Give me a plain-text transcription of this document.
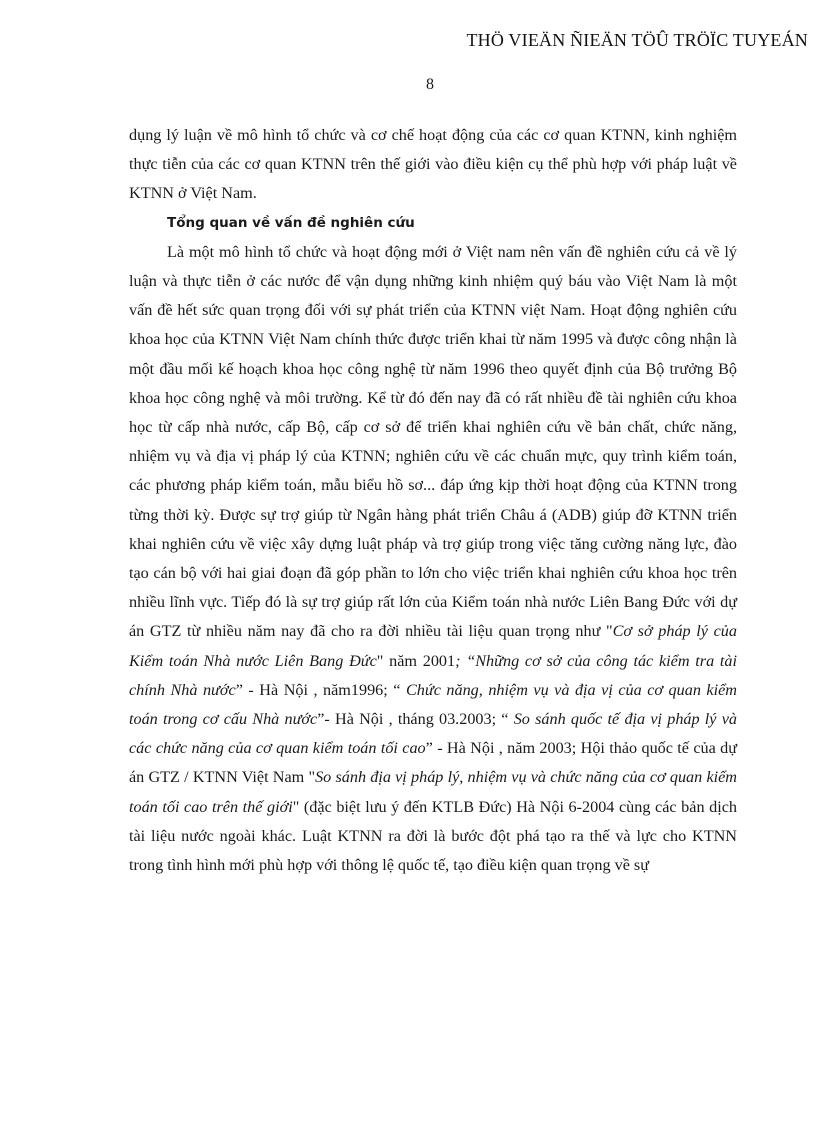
THÖ VIEÄN ÑIEÄN TÖÛ TRÖÏC TUYEÁN
8

dụng lý luận về mô hình tổ chức và cơ chế hoạt động của các cơ quan KTNN, kinh nghiệm thực tiễn của các cơ quan KTNN trên thế giới vào điều kiện cụ thể phù hợp với pháp luật về KTNN ở Việt Nam.

Tổng quan về vấn đề nghiên cứu

Là một mô hình tổ chức và hoạt động mới ở Việt nam nên vấn đề nghiên cứu cả về lý luận và thực tiễn ở các nước để vận dụng những kinh nhiệm quý báu vào Việt Nam là một vấn đề hết sức quan trọng đối với sự phát triển của KTNN việt Nam. Hoạt động nghiên cứu khoa học của KTNN Việt Nam chính thức được triển khai từ năm 1995 và được công nhận là một đầu mối kế hoạch khoa học công nghệ từ năm 1996 theo quyết định của Bộ trưởng Bộ khoa học công nghệ và môi trường. Kể từ đó đến nay đã có rất nhiều đề tài nghiên cứu khoa học từ cấp nhà nước, cấp Bộ, cấp cơ sở để triển khai nghiên cứu về bản chất, chức năng, nhiệm vụ và địa vị pháp lý của KTNN; nghiên cứu về các chuẩn mực, quy trình kiểm toán, các phương pháp kiểm toán, mẫu biểu hồ sơ... đáp ứng kịp thời hoạt động của KTNN trong từng thời kỳ. Được sự trợ giúp từ Ngân hàng phát triển Châu á (ADB) giúp đỡ KTNN triển khai nghiên cứu về việc xây dựng luật pháp và trợ giúp trong việc tăng cường năng lực, đào tạo cán bộ với hai giai đoạn đã góp phần to lớn cho việc triển khai nghiên cứu khoa học trên nhiều lĩnh vực. Tiếp đó là sự trợ giúp rất lớn của Kiểm toán nhà nước Liên Bang Đức với dự án GTZ từ nhiều năm nay đã cho ra đời nhiều tài liệu quan trọng như "Cơ sở pháp lý của Kiểm toán Nhà nước Liên Bang Đức" năm 2001; “Những cơ sở của công tác kiểm tra tài chính Nhà nước” - Hà Nội , năm1996; “ Chức năng, nhiệm vụ và địa vị của cơ quan kiểm toán trong cơ cấu Nhà nước”- Hà Nội , tháng 03.2003; “ So sánh quốc tế địa vị pháp lý và các chức năng của cơ quan kiểm toán tối cao” - Hà Nội , năm 2003; Hội thảo quốc tế của dự án GTZ / KTNN Việt Nam "So sánh địa vị pháp lý, nhiệm vụ và chức năng của cơ quan kiểm toán tối cao trên thế giới" (đặc biệt lưu ý đến KTLB Đức) Hà Nội 6-2004 cùng các bản dịch tài liệu nước ngoài khác. Luật KTNN ra đời là bước đột phá tạo ra thế và lực cho KTNN trong tình hình mới phù hợp với thông lệ quốc tế, tạo điều kiện quan trọng về sự
